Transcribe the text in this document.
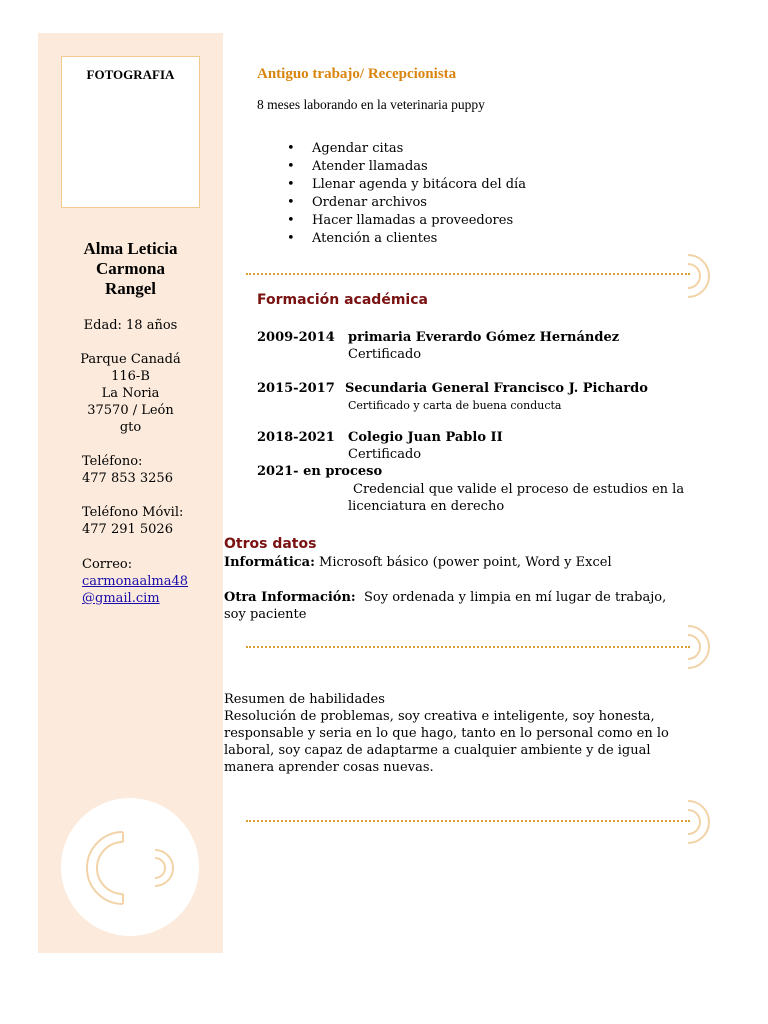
FOTOGRAFIA
Alma Leticia
Carmona
Rangel
Edad: 18 años
Parque Canadá
116-B
La Noria
37570 / León
gto
Teléfono:
477 853 3256
Teléfono Móvil:
477 291 5026
Correo:
carmonaalma48
@gmail.cim
Antiguo trabajo/ Recepcionista
8 meses laborando en la veterinaria puppy
• Agendar citas
• Atender llamadas
• Llenar agenda y bitácora del día
• Ordenar archivos
• Hacer llamadas a proveedores
• Atención a clientes
Formación académica
2009-2014 primaria Everardo Gómez Hernández
Certificado
2015-2017 Secundaria General Francisco J. Pichardo
Certificado y carta de buena conducta
2018-2021 Colegio Juan Pablo II
Certificado
2021- en proceso
Credencial que valide el proceso de estudios en la
licenciatura en derecho
Otros datos
Informática: Microsoft básico (power point, Word y Excel
Otra Información:  Soy ordenada y limpia en mí lugar de trabajo,
soy paciente
Resumen de habilidades
Resolución de problemas, soy creativa e inteligente, soy honesta,
responsable y seria en lo que hago, tanto en lo personal como en lo
laboral, soy capaz de adaptarme a cualquier ambiente y de igual
manera aprender cosas nuevas.
